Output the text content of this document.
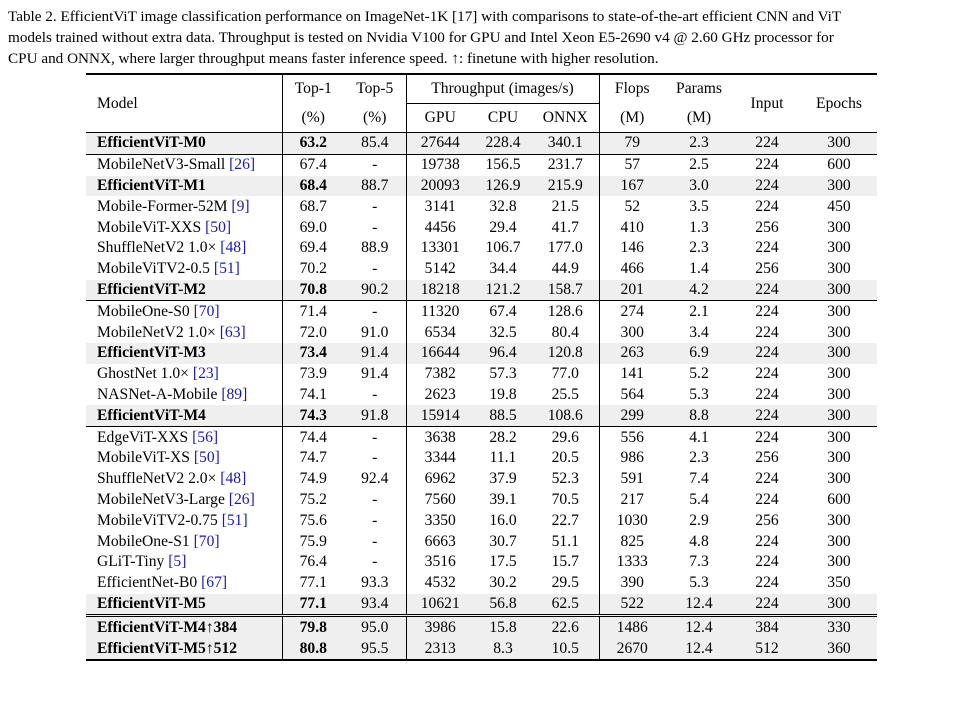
Table 2. EfficientViT image classification performance on ImageNet-1K [17] with comparisons to state-of-the-art efficient CNN and ViT

models trained without extra data. Throughput is tested on Nvidia V100 for GPU and Intel Xeon E5-2690 v4 @ 2.60 GHz processor for

CPU and ONNX, where larger throughput means faster inference speed. ↑: finetune with higher resolution.

Model	Top-1	Top-5	Throughput (images/s)			Flops	Params	Input	Epochs
	(%)	(%)	GPU	CPU	ONNX	(M)	(M)		
EfficientViT-M0	63.2	85.4	27644	228.4	340.1	79	2.3	224	300
MobileNetV3-Small [26]	67.4	-	19738	156.5	231.7	57	2.5	224	600
EfficientViT-M1	68.4	88.7	20093	126.9	215.9	167	3.0	224	300
Mobile-Former-52M [9]	68.7	-	3141	32.8	21.5	52	3.5	224	450
MobileViT-XXS [50]	69.0	-	4456	29.4	41.7	410	1.3	256	300
ShuffleNetV2 1.0× [48]	69.4	88.9	13301	106.7	177.0	146	2.3	224	300
MobileViTV2-0.5 [51]	70.2	-	5142	34.4	44.9	466	1.4	256	300
EfficientViT-M2	70.8	90.2	18218	121.2	158.7	201	4.2	224	300
MobileOne-S0 [70]	71.4	-	11320	67.4	128.6	274	2.1	224	300
MobileNetV2 1.0× [63]	72.0	91.0	6534	32.5	80.4	300	3.4	224	300
EfficientViT-M3	73.4	91.4	16644	96.4	120.8	263	6.9	224	300
GhostNet 1.0× [23]	73.9	91.4	7382	57.3	77.0	141	5.2	224	300
NASNet-A-Mobile [89]	74.1	-	2623	19.8	25.5	564	5.3	224	300
EfficientViT-M4	74.3	91.8	15914	88.5	108.6	299	8.8	224	300
EdgeViT-XXS [56]	74.4	-	3638	28.2	29.6	556	4.1	224	300
MobileViT-XS [50]	74.7	-	3344	11.1	20.5	986	2.3	256	300
ShuffleNetV2 2.0× [48]	74.9	92.4	6962	37.9	52.3	591	7.4	224	300
MobileNetV3-Large [26]	75.2	-	7560	39.1	70.5	217	5.4	224	600
MobileViTV2-0.75 [51]	75.6	-	3350	16.0	22.7	1030	2.9	256	300
MobileOne-S1 [70]	75.9	-	6663	30.7	51.1	825	4.8	224	300
GLiT-Tiny [5]	76.4	-	3516	17.5	15.7	1333	7.3	224	300
EfficientNet-B0 [67]	77.1	93.3	4532	30.2	29.5	390	5.3	224	350
EfficientViT-M5	77.1	93.4	10621	56.8	62.5	522	12.4	224	300
EfficientViT-M4↑384	79.8	95.0	3986	15.8	22.6	1486	12.4	384	330
EfficientViT-M5↑512	80.8	95.5	2313	8.3	10.5	2670	12.4	512	360
